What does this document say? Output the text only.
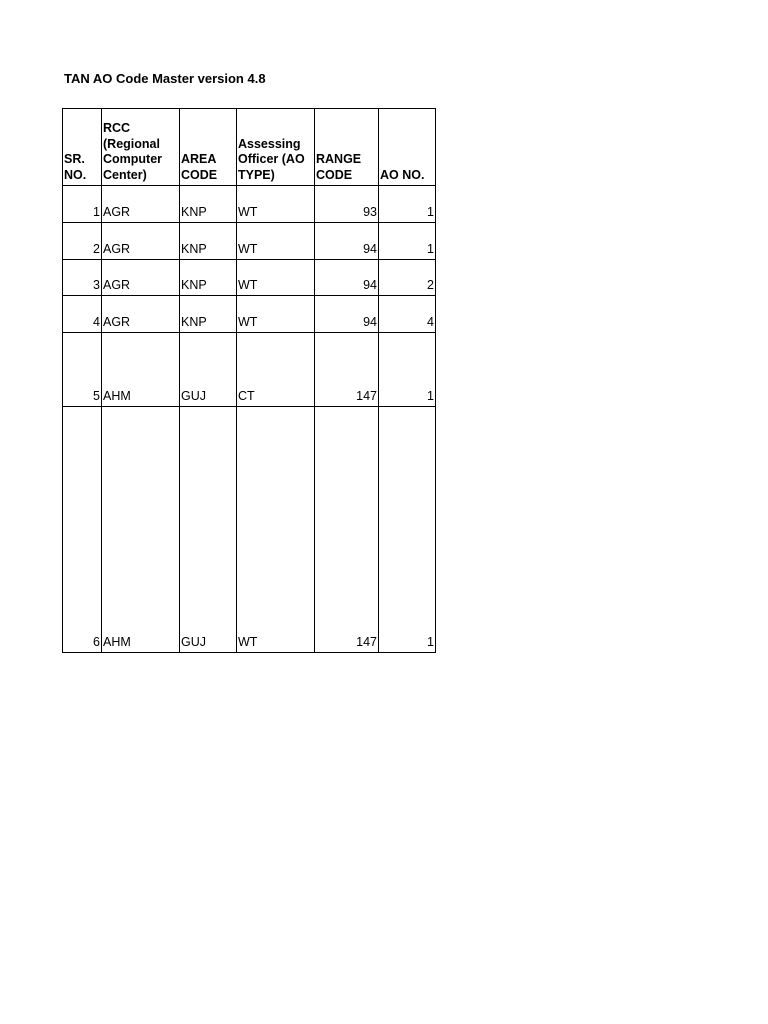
TAN AO Code Master version 4.8
SR. NO.	RCC (Regional Computer Center)	AREA CODE	Assessing Officer (AO TYPE)	RANGE CODE	AO NO.
1	AGR	KNP	WT	93	1
2	AGR	KNP	WT	94	1
3	AGR	KNP	WT	94	2
4	AGR	KNP	WT	94	4
5	AHM	GUJ	CT	147	1
6	AHM	GUJ	WT	147	1
